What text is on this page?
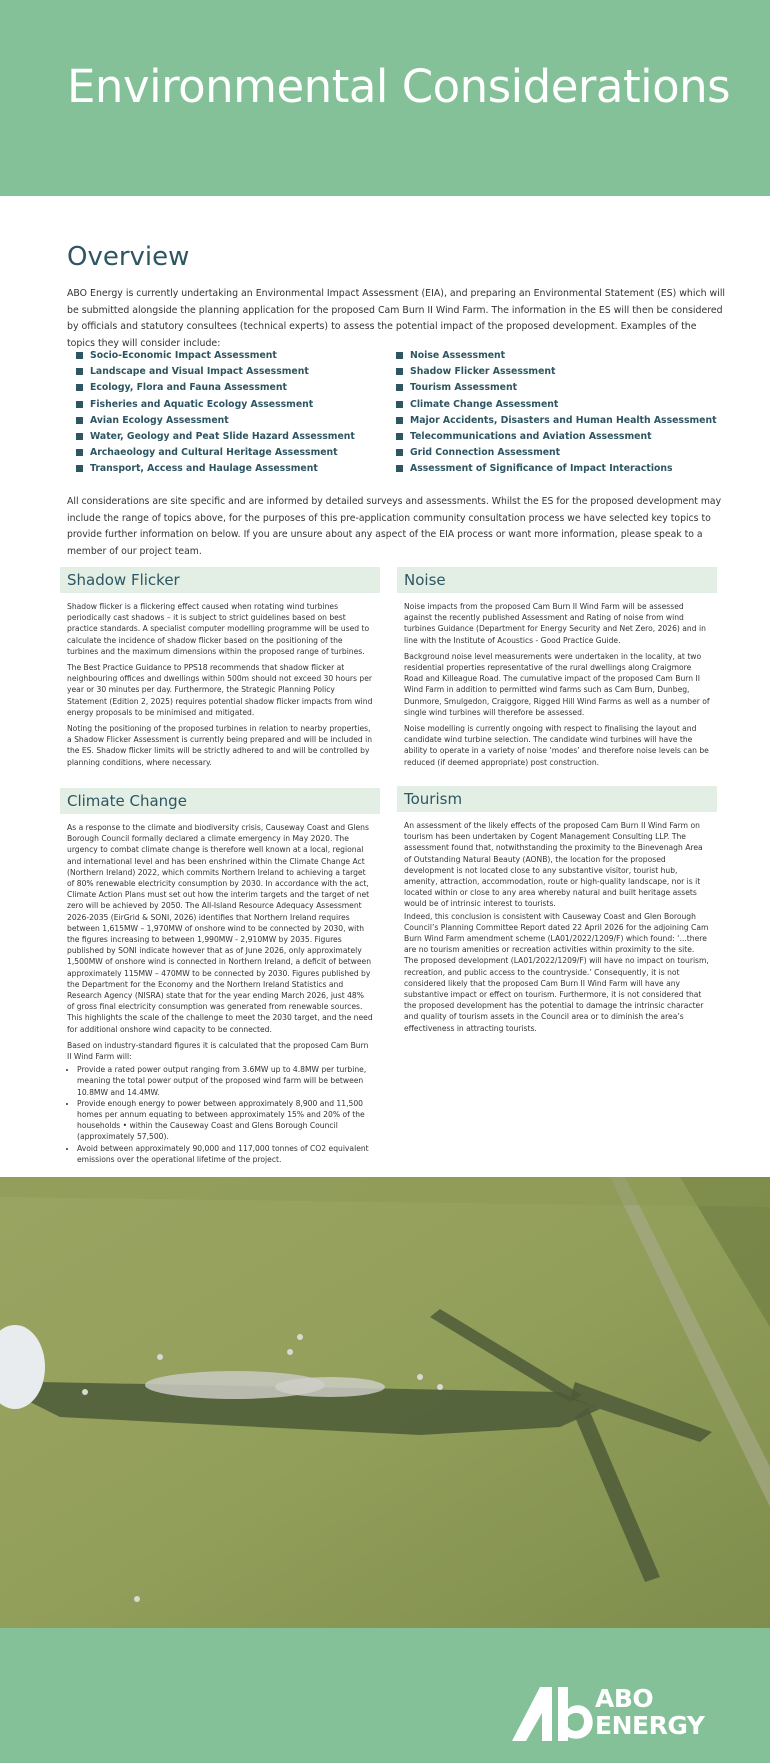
Environmental Considerations
Overview

ABO Energy is currently undertaking an Environmental Impact Assessment (EIA), and preparing an Environmental Statement (ES) which will be submitted alongside the planning application for the proposed Cam Burn II Wind Farm. The information in the ES will then be considered by officials and statutory consultees (technical experts) to assess the potential impact of the proposed development. Examples of the topics they will consider include:

Socio-Economic Impact Assessment
Landscape and Visual Impact Assessment
Ecology, Flora and Fauna Assessment
Fisheries and Aquatic Ecology Assessment
Avian Ecology Assessment
Water, Geology and Peat Slide Hazard Assessment
Archaeology and Cultural Heritage Assessment
Transport, Access and Haulage Assessment
Noise Assessment
Shadow Flicker Assessment
Tourism Assessment
Climate Change Assessment
Major Accidents, Disasters and Human Health Assessment
Telecommunications and Aviation Assessment
Grid Connection Assessment
Assessment of Significance of Impact Interactions

All considerations are site specific and are informed by detailed surveys and assessments. Whilst the ES for the proposed development may include the range of topics above, for the purposes of this pre-application community consultation process we have selected key topics to provide further information on below. If you are unsure about any aspect of the EIA process or want more information, please speak to a member of our project team.

Shadow Flicker

Shadow flicker is a flickering effect caused when rotating wind turbines periodically cast shadows – it is subject to strict guidelines based on best practice standards. A specialist computer modelling programme will be used to calculate the incidence of shadow flicker based on the positioning of the turbines and the maximum dimensions within the proposed range of turbines.

The Best Practice Guidance to PPS18 recommends that shadow flicker at neighbouring offices and dwellings within 500m should not exceed 30 hours per year or 30 minutes per day. Furthermore, the Strategic Planning Policy Statement (Edition 2, 2025) requires potential shadow flicker impacts from wind energy proposals to be minimised and mitigated.

Noting the positioning of the proposed turbines in relation to nearby properties, a Shadow Flicker Assessment is currently being prepared and will be included in the ES. Shadow flicker limits will be strictly adhered to and will be controlled by planning conditions, where necessary.

Noise

Noise impacts from the proposed Cam Burn II Wind Farm will be assessed against the recently published Assessment and Rating of noise from wind turbines Guidance (Department for Energy Security and Net Zero, 2026) and in line with the Institute of Acoustics - Good Practice Guide.

Background noise level measurements were undertaken in the locality, at two residential properties representative of the rural dwellings along Craigmore Road and Killeague Road. The cumulative impact of the proposed Cam Burn II Wind Farm in addition to permitted wind farms such as Cam Burn, Dunbeg, Dunmore, Smulgedon, Craiggore, Rigged Hill Wind Farms as well as a number of single wind turbines will therefore be assessed.

Noise modelling is currently ongoing with respect to finalising the layout and candidate wind turbine selection. The candidate wind turbines will have the ability to operate in a variety of noise ‘modes’ and therefore noise levels can be reduced (if deemed appropriate) post construction.

Climate Change

As a response to the climate and biodiversity crisis, Causeway Coast and Glens Borough Council formally declared a climate emergency in May 2020. The urgency to combat climate change is therefore well known at a local, regional and international level and has been enshrined within the Climate Change Act (Northern Ireland) 2022, which commits Northern Ireland to achieving a target of 80% renewable electricity consumption by 2030. In accordance with the act, Climate Action Plans must set out how the interim targets and the target of net zero will be achieved by 2050. The All-Island Resource Adequacy Assessment 2026-2035 (EirGrid & SONI, 2026) identifies that Northern Ireland requires between 1,615MW – 1,970MW of onshore wind to be connected by 2030, with the figures increasing to between 1,990MW - 2,910MW by 2035. Figures published by SONI indicate however that as of June 2026, only approximately 1,500MW of onshore wind is connected in Northern Ireland, a deficit of between approximately 115MW – 470MW to be connected by 2030. Figures published by the Department for the Economy and the Northern Ireland Statistics and Research Agency (NISRA) state that for the year ending March 2026, just 48% of gross final electricity consumption was generated from renewable sources. This highlights the scale of the challenge to meet the 2030 target, and the need for additional onshore wind capacity to be connected.

Based on industry-standard figures it is calculated that the proposed Cam Burn II Wind Farm will:

• Provide a rated power output ranging from 3.6MW up to 4.8MW per turbine, meaning the total power output of the proposed wind farm will be between 10.8MW and 14.4MW.
• Provide enough energy to power between approximately 8,900 and 11,500 homes per annum equating to between approximately 15% and 20% of the households • within the Causeway Coast and Glens Borough Council (approximately 57,500).
• Avoid between approximately 90,000 and 117,000 tonnes of CO2 equivalent emissions over the operational lifetime of the project.
Tourism

An assessment of the likely effects of the proposed Cam Burn II Wind Farm on tourism has been undertaken by Cogent Management Consulting LLP. The assessment found that, notwithstanding the proximity to the Binevenagh Area of Outstanding Natural Beauty (AONB), the location for the proposed development is not located close to any substantive visitor, tourist hub, amenity, attraction, accommodation, route or high-quality landscape, nor is it located within or close to any area whereby natural and built heritage assets would be of intrinsic interest to tourists.

Indeed, this conclusion is consistent with Causeway Coast and Glen Borough Council’s Planning Committee Report dated 22 April 2026 for the adjoining Cam Burn Wind Farm amendment scheme (LA01/2022/1209/F) which found: ‘...there are no tourism amenities or recreation activities within proximity to the site. The proposed development (LA01/2022/1209/F) will have no impact on tourism, recreation, and public access to the countryside.’ Consequently, it is not considered likely that the proposed Cam Burn II Wind Farm will have any substantive impact or effect on tourism. Furthermore, it is not considered that the proposed development has the potential to damage the intrinsic character and quality of tourism assets in the Council area or to diminish the area’s effectiveness in attracting tourists.

ABO
ENERGY
